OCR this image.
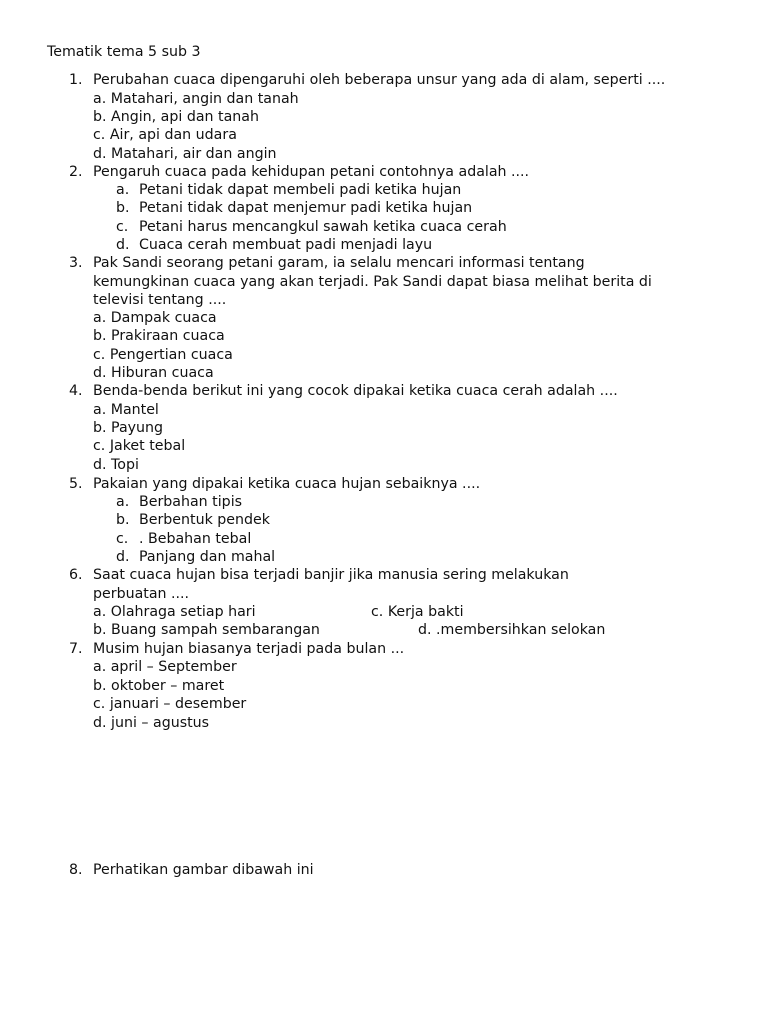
Tematik tema 5 sub 3
1. Perubahan cuaca dipengaruhi oleh beberapa unsur yang ada di alam, seperti ....
a. Matahari, angin dan tanah
b. Angin, api dan tanah
c. Air, api dan udara
d. Matahari, air dan angin
2. Pengaruh cuaca pada kehidupan petani contohnya adalah ....
a. Petani tidak dapat membeli padi ketika hujan
b. Petani tidak dapat menjemur padi ketika hujan
c. Petani harus mencangkul sawah ketika cuaca cerah
d. Cuaca cerah membuat padi menjadi layu
3. Pak Sandi seorang petani garam, ia selalu mencari informasi tentang
kemungkinan cuaca yang akan terjadi. Pak Sandi dapat biasa melihat berita di
televisi tentang ....
a. Dampak cuaca
b. Prakiraan cuaca
c. Pengertian cuaca
d. Hiburan cuaca
4. Benda-benda berikut ini yang cocok dipakai ketika cuaca cerah adalah ....
a. Mantel
b. Payung
c. Jaket tebal
d. Topi
5. Pakaian yang dipakai ketika cuaca hujan sebaiknya ....
a. Berbahan tipis
b. Berbentuk pendek
c. . Bebahan tebal
d. Panjang dan mahal
6. Saat cuaca hujan bisa terjadi banjir jika manusia sering melakukan
perbuatan ....
a. Olahraga setiap hari	c. Kerja bakti
b. Buang sampah sembarangan	d. .membersihkan selokan
7. Musim hujan biasanya terjadi pada bulan ...
a. april – September
b. oktober – maret
c. januari – desember
d. juni – agustus
8. Perhatikan gambar dibawah ini
